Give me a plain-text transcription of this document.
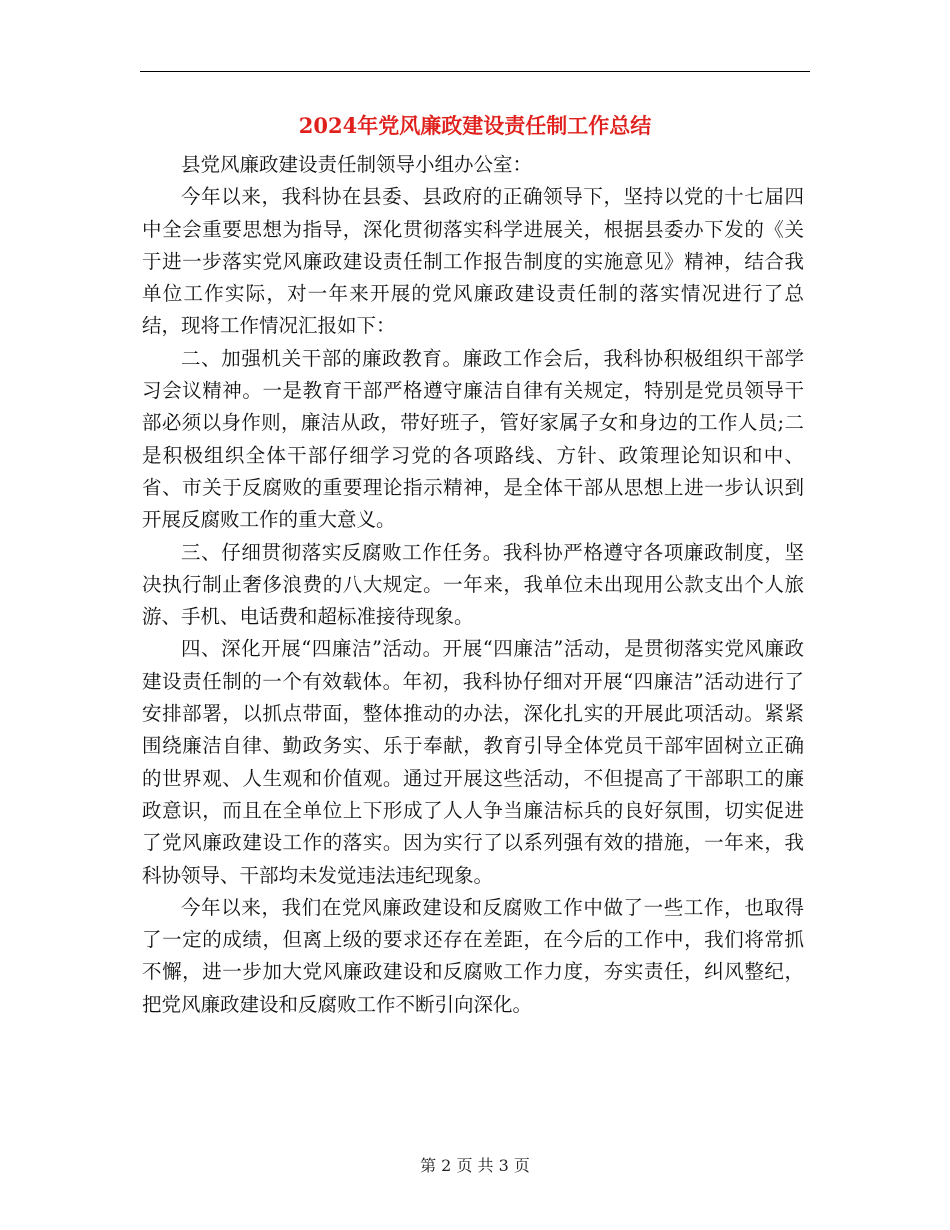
2024年党风廉政建设责任制工作总结

县党风廉政建设责任制领导小组办公室：

今年以来，我科协在县委、县政府的正确领导下，坚持以党的十七届四中全会重要思想为指导，深化贯彻落实科学进展关，根据县委办下发的《关于进一步落实党风廉政建设责任制工作报告制度的实施意见》精神，结合我单位工作实际，对一年来开展的党风廉政建设责任制的落实情况进行了总结，现将工作情况汇报如下：

二、加强机关干部的廉政教育。廉政工作会后，我科协积极组织干部学习会议精神。一是教育干部严格遵守廉洁自律有关规定，特别是党员领导干部必须以身作则，廉洁从政，带好班子，管好家属子女和身边的工作人员;二是积极组织全体干部仔细学习党的各项路线、方针、政策理论知识和中、省、市关于反腐败的重要理论指示精神，是全体干部从思想上进一步认识到开展反腐败工作的重大意义。

三、仔细贯彻落实反腐败工作任务。我科协严格遵守各项廉政制度，坚决执行制止奢侈浪费的八大规定。一年来，我单位未出现用公款支出个人旅游、手机、电话费和超标准接待现象。

四、深化开展“四廉洁”活动。开展“四廉洁”活动，是贯彻落实党风廉政建设责任制的一个有效载体。年初，我科协仔细对开展“四廉洁”活动进行了安排部署，以抓点带面，整体推动的办法，深化扎实的开展此项活动。紧紧围绕廉洁自律、勤政务实、乐于奉献，教育引导全体党员干部牢固树立正确的世界观、人生观和价值观。通过开展这些活动，不但提高了干部职工的廉政意识，而且在全单位上下形成了人人争当廉洁标兵的良好氛围，切实促进了党风廉政建设工作的落实。因为实行了以系列强有效的措施，一年来，我科协领导、干部均未发觉违法违纪现象。

今年以来，我们在党风廉政建设和反腐败工作中做了一些工作，也取得了一定的成绩，但离上级的要求还存在差距，在今后的工作中，我们将常抓不懈，进一步加大党风廉政建设和反腐败工作力度，夯实责任，纠风整纪，把党风廉政建设和反腐败工作不断引向深化。

第 2 页 共 3 页
